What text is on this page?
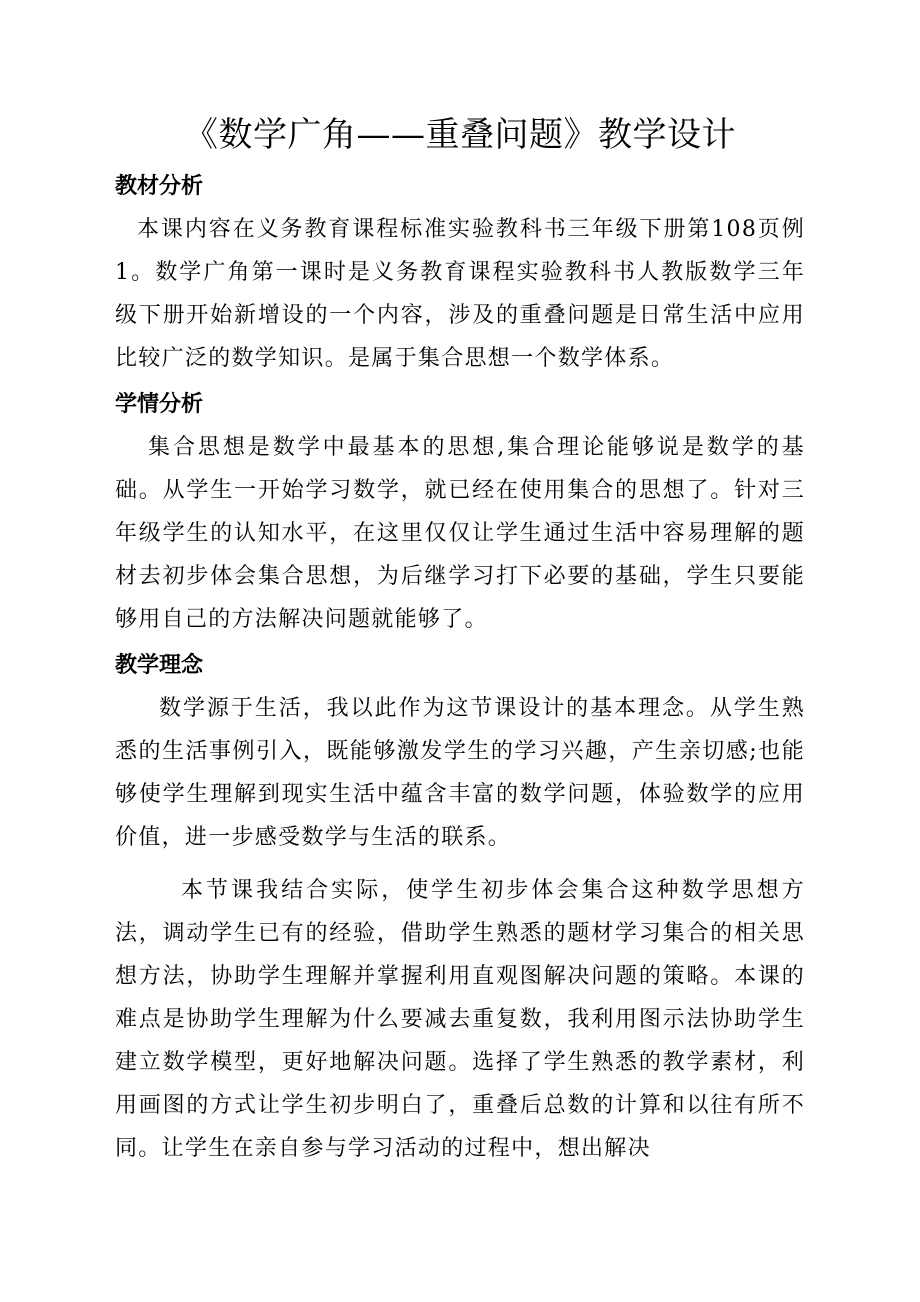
《数学广角——重叠问题》教学设计
教材分析

本课内容在义务教育课程标准实验教科书三年级下册第108页例1。数学广角第一课时是义务教育课程实验教科书人教版数学三年级下册开始新增设的一个内容，涉及的重叠问题是日常生活中应用比较广泛的数学知识。是属于集合思想一个数学体系。

学情分析

集合思想是数学中最基本的思想,集合理论能够说是数学的基础。从学生一开始学习数学，就已经在使用集合的思想了。针对三年级学生的认知水平，在这里仅仅让学生通过生活中容易理解的题材去初步体会集合思想，为后继学习打下必要的基础，学生只要能够用自己的方法解决问题就能够了。

教学理念

数学源于生活，我以此作为这节课设计的基本理念。从学生熟悉的生活事例引入，既能够激发学生的学习兴趣，产生亲切感;也能够使学生理解到现实生活中蕴含丰富的数学问题，体验数学的应用价值，进一步感受数学与生活的联系。

本节课我结合实际，使学生初步体会集合这种数学思想方法，调动学生已有的经验，借助学生熟悉的题材学习集合的相关思想方法，协助学生理解并掌握利用直观图解决问题的策略。本课的难点是协助学生理解为什么要减去重复数，我利用图示法协助学生建立数学模型，更好地解决问题。选择了学生熟悉的教学素材，利用画图的方式让学生初步明白了，重叠后总数的计算和以往有所不同。让学生在亲自参与学习活动的过程中，想出解决
